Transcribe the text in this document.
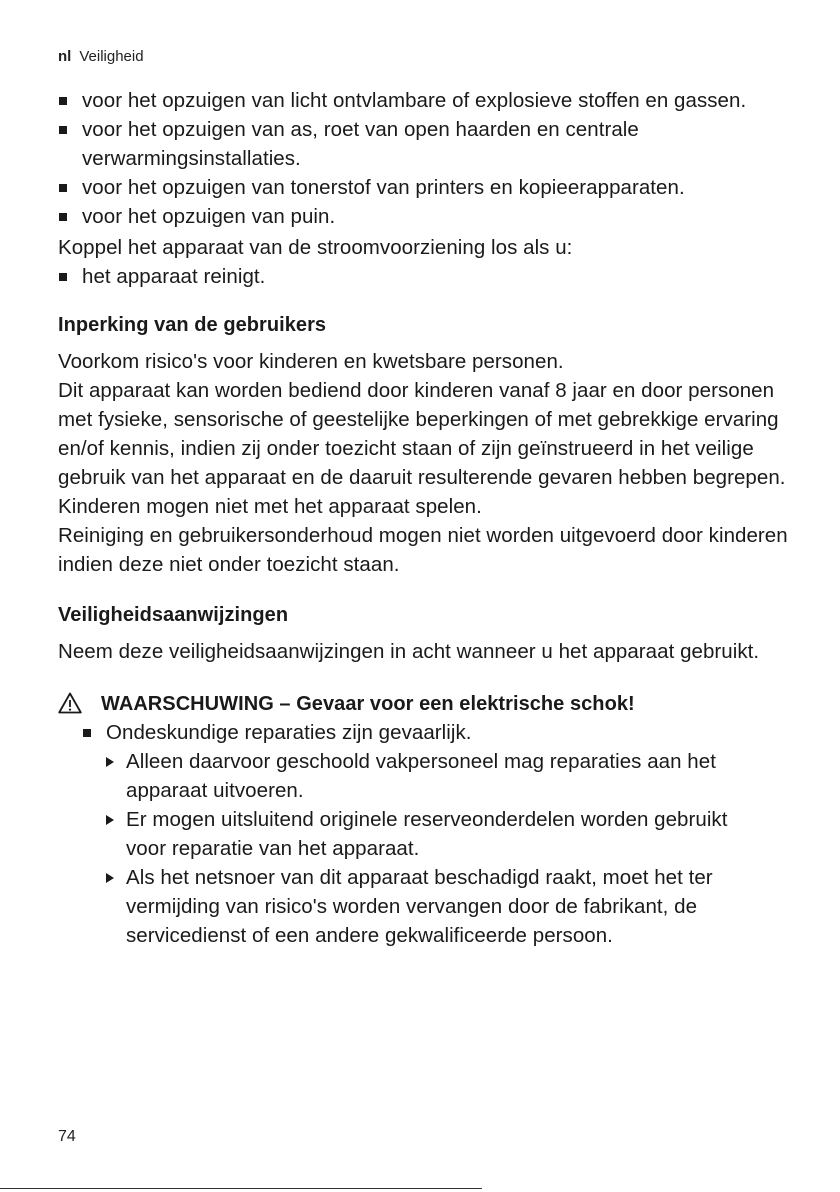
nl Veiligheid
voor het opzuigen van licht ontvlambare of explosieve stoffen en gassen.
voor het opzuigen van as, roet van open haarden en centrale verwarmingsinstallaties.
voor het opzuigen van tonerstof van printers en kopieerapparaten.
voor het opzuigen van puin.

Koppel het apparaat van de stroomvoorziening los als u:

het apparaat reinigt.
Inperking van de gebruikers

Voorkom risico's voor kinderen en kwetsbare personen.

Dit apparaat kan worden bediend door kinderen vanaf 8 jaar en door personen met fysieke, sensorische of geestelijke beperkingen of met gebrekkige ervaring en/of kennis, indien zij onder toezicht staan of zijn geïnstrueerd in het veilige gebruik van het apparaat en de daaruit resulterende gevaren hebben begrepen.

Kinderen mogen niet met het apparaat spelen.

Reiniging en gebruikersonderhoud mogen niet worden uitgevoerd door kinderen indien deze niet onder toezicht staan.

Veiligheidsaanwijzingen

Neem deze veiligheidsaanwijzingen in acht wanneer u het apparaat gebruikt.

WAARSCHUWING – Gevaar voor een elektrische schok!
Ondeskundige reparaties zijn gevaarlijk.
Alleen daarvoor geschoold vakpersoneel mag reparaties aan het apparaat uitvoeren.
Er mogen uitsluitend originele reserveonderdelen worden gebruikt voor reparatie van het apparaat.
Als het netsnoer van dit apparaat beschadigd raakt, moet het ter vermijding van risico's worden vervangen door de fabrikant, de servicedienst of een andere gekwalificeerde persoon.
74
